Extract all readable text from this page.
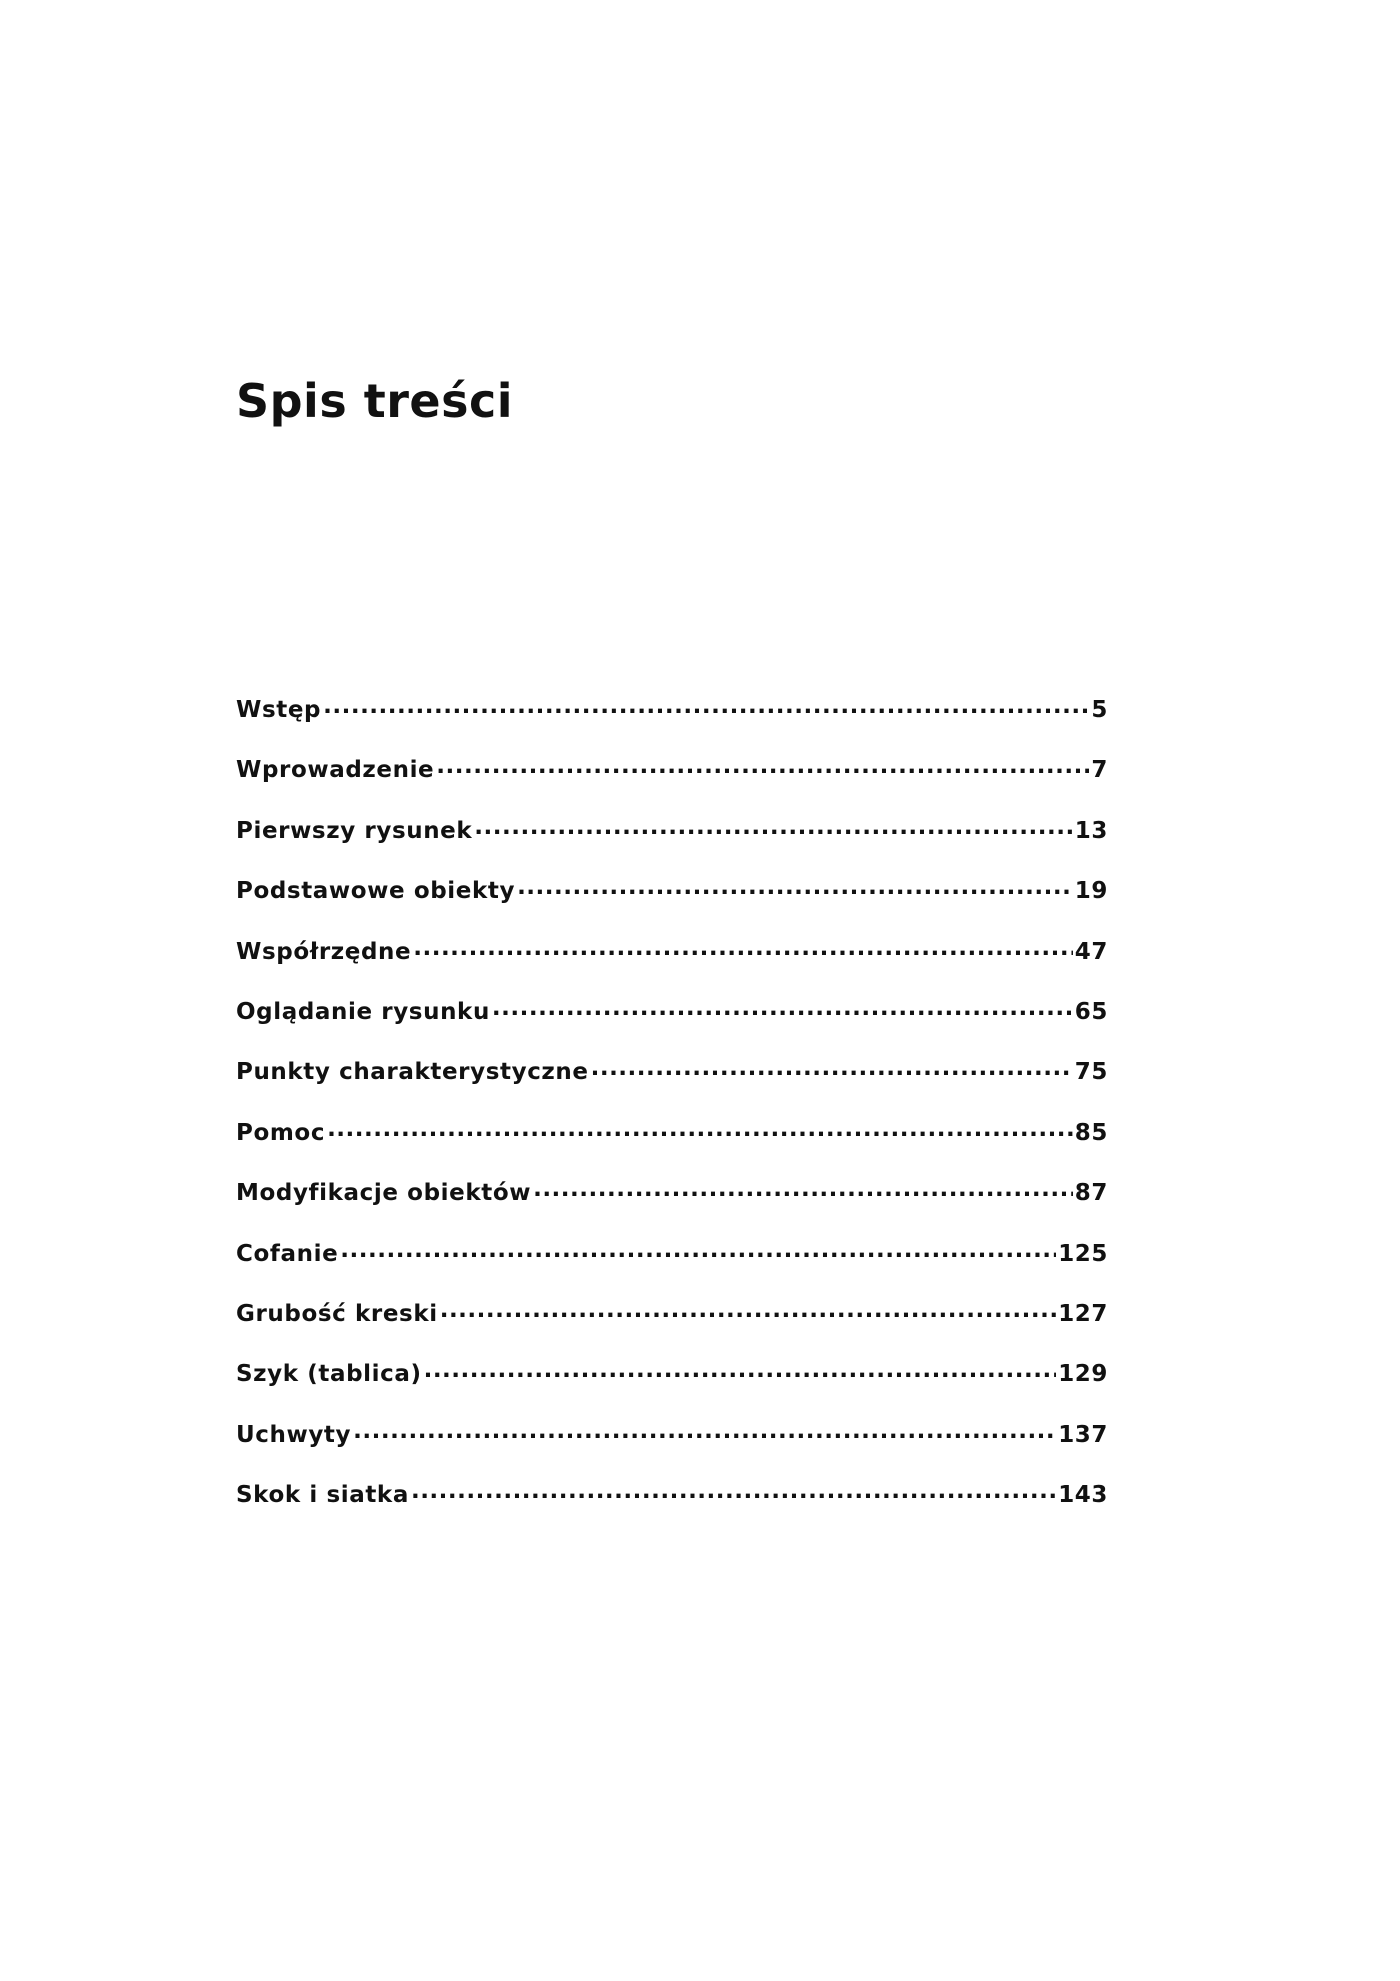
Spis treści
Wstęp .....	5
Wprowadzenie .....	7
Pierwszy rysunek .....	13
Podstawowe obiekty .....	19
Współrzędne .....	47
Oglądanie rysunku .....	65
Punkty charakterystyczne .....	75
Pomoc .....	85
Modyfikacje obiektów .....	87
Cofanie .....	125
Grubość kreski .....	127
Szyk (tablica) .....	129
Uchwyty .....	137
Skok i siatka .....	143
